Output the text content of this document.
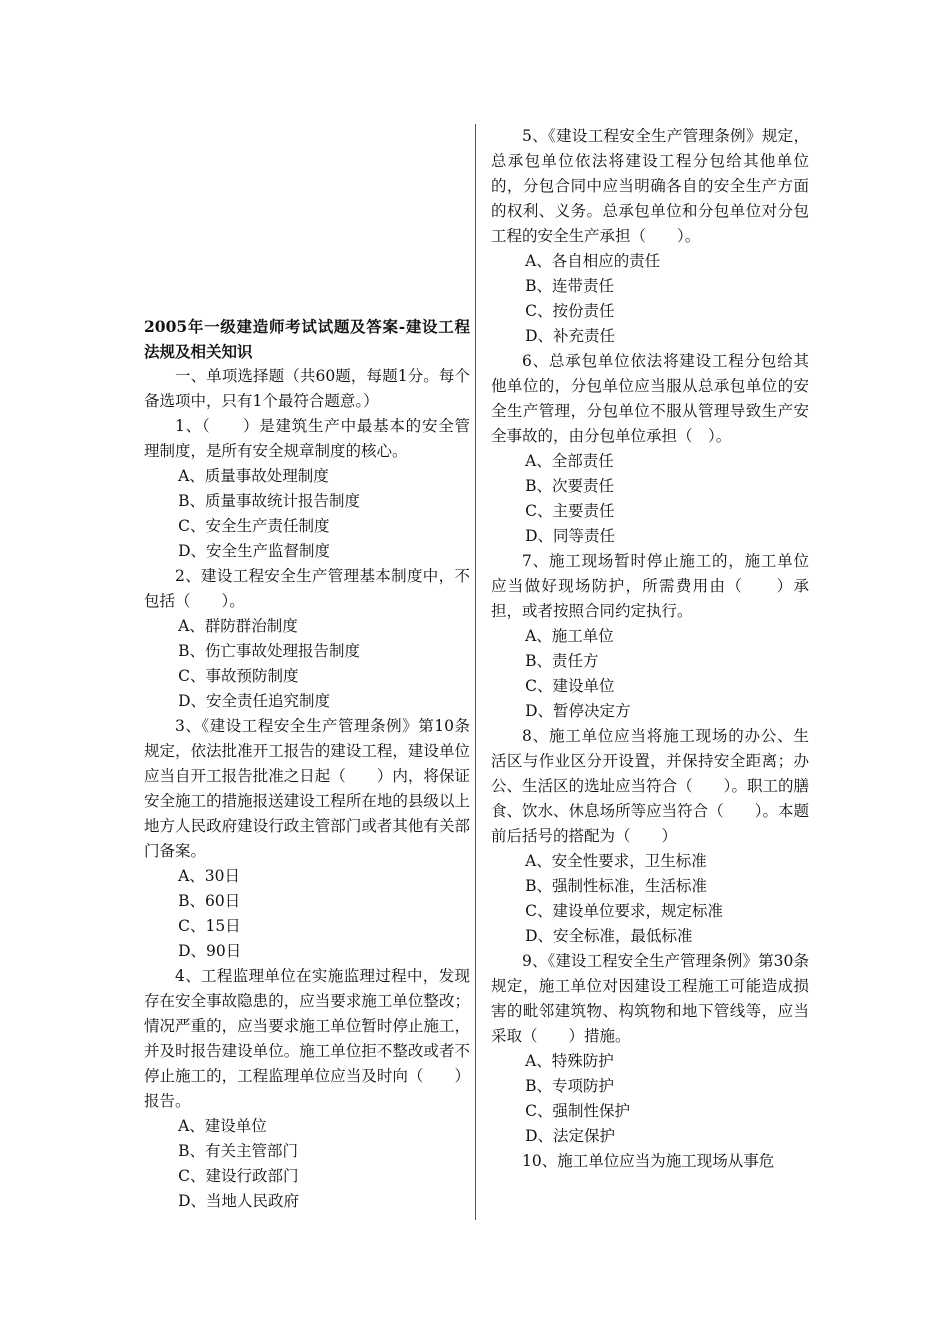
2005年一级建造师考试试题及答案-建设工程法规及相关知识

一、单项选择题（共60题，每题1分。每个备选项中，只有1个最符合题意。）

1、（　　）是建筑生产中最基本的安全管理制度，是所有安全规章制度的核心。

A、质量事故处理制度

B、质量事故统计报告制度

C、安全生产责任制度

D、安全生产监督制度

2、建设工程安全生产管理基本制度中，不包括（　　）。

A、群防群治制度

B、伤亡事故处理报告制度

C、事故预防制度

D、安全责任追究制度

3、《建设工程安全生产管理条例》第10条规定，依法批准开工报告的建设工程，建设单位应当自开工报告批准之日起（　　）内，将保证安全施工的措施报送建设工程所在地的县级以上地方人民政府建设行政主管部门或者其他有关部门备案。

A、30日

B、60日

C、15日

D、90日

4、工程监理单位在实施监理过程中，发现存在安全事故隐患的，应当要求施工单位整改；情况严重的，应当要求施工单位暂时停止施工，并及时报告建设单位。施工单位拒不整改或者不停止施工的，工程监理单位应当及时向（　　）报告。

A、建设单位

B、有关主管部门

C、建设行政部门

D、当地人民政府

5、《建设工程安全生产管理条例》规定，总承包单位依法将建设工程分包给其他单位的，分包合同中应当明确各自的安全生产方面的权利、义务。总承包单位和分包单位对分包工程的安全生产承担（　　）。

A、各自相应的责任

B、连带责任

C、按份责任

D、补充责任

6、总承包单位依法将建设工程分包给其他单位的，分包单位应当服从总承包单位的安全生产管理，分包单位不服从管理导致生产安全事故的，由分包单位承担（　）。

A、全部责任

B、次要责任

C、主要责任

D、同等责任

7、施工现场暂时停止施工的，施工单位应当做好现场防护，所需费用由（　　）承担，或者按照合同约定执行。

A、施工单位

B、责任方

C、建设单位

D、暂停决定方

8、施工单位应当将施工现场的办公、生活区与作业区分开设置，并保持安全距离；办公、生活区的选址应当符合（　　）。职工的膳食、饮水、休息场所等应当符合（　　）。本题前后括号的搭配为（　　）

A、安全性要求，卫生标准

B、强制性标准，生活标准

C、建设单位要求，规定标准

D、安全标准，最低标准

9、《建设工程安全生产管理条例》第30条规定，施工单位对因建设工程施工可能造成损害的毗邻建筑物、构筑物和地下管线等，应当采取（　　）措施。

A、特殊防护

B、专项防护

C、强制性保护

D、法定保护

10、施工单位应当为施工现场从事危
